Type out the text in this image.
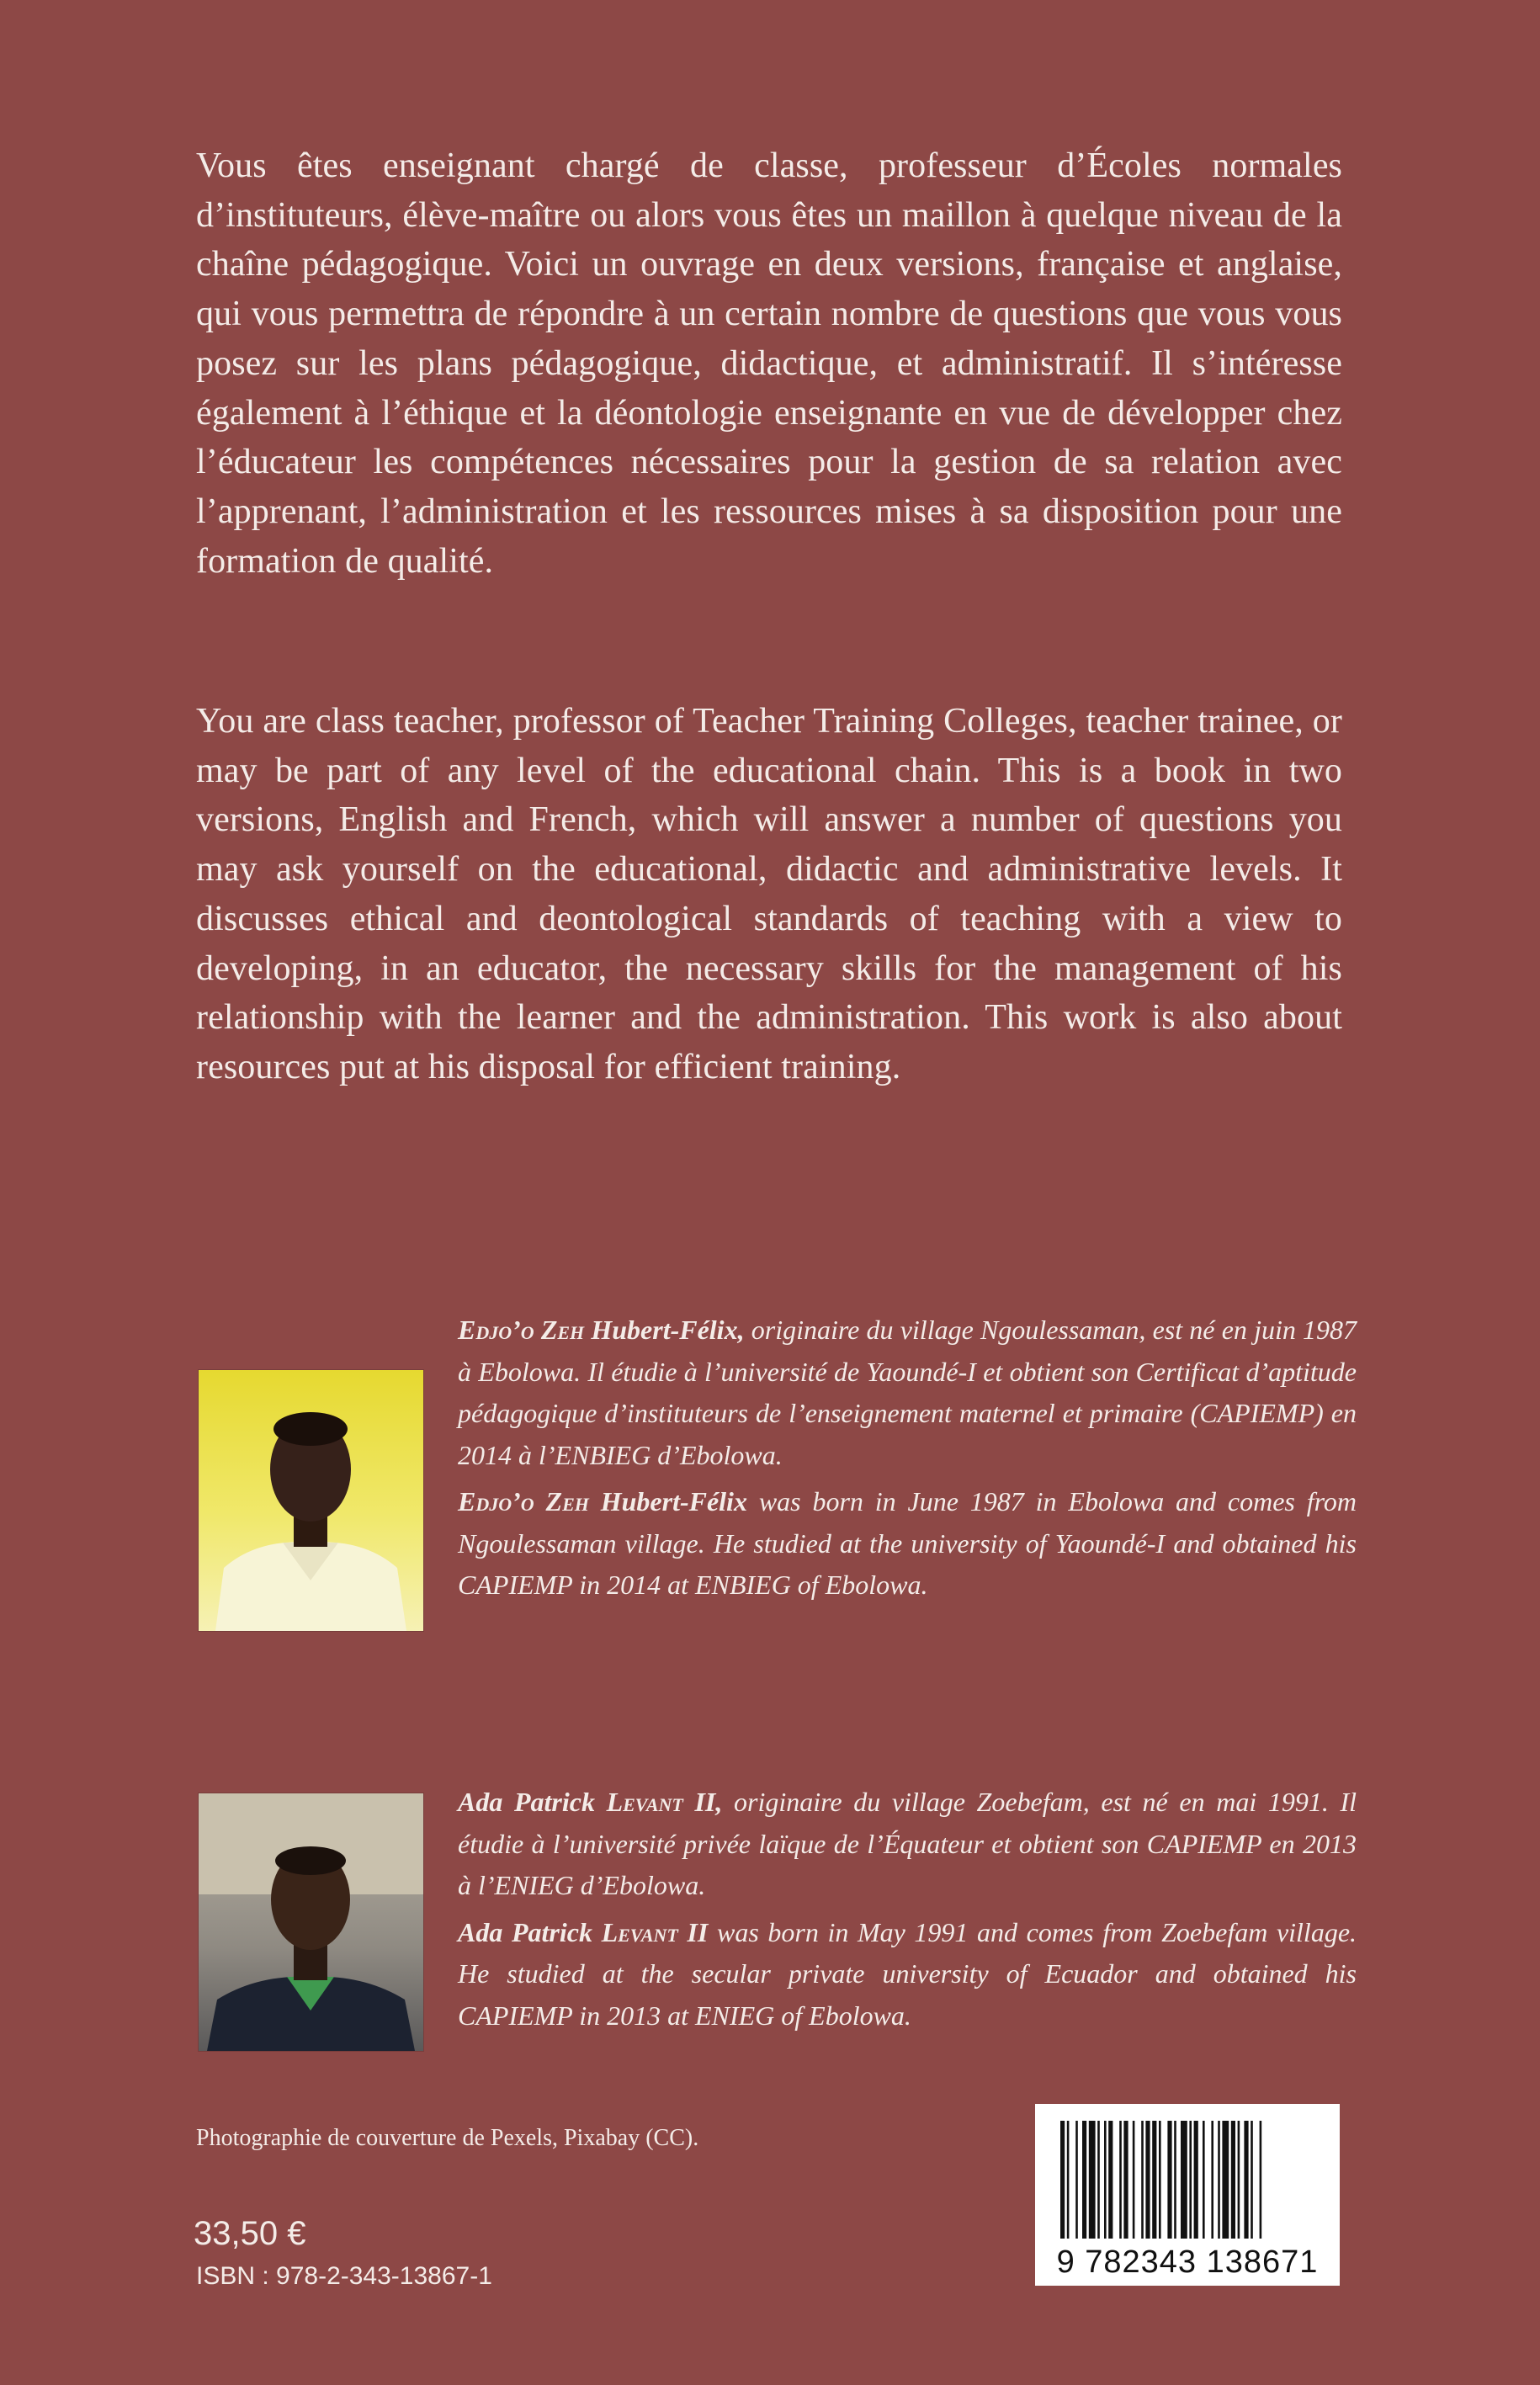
Vous êtes enseignant chargé de classe, professeur d’Écoles normales d’instituteurs, élève-maître ou alors vous êtes un maillon à quelque niveau de la chaîne pédagogique. Voici un ouvrage en deux versions, française et anglaise, qui vous permettra de répondre à un certain nombre de questions que vous vous posez sur les plans pédagogique, didactique, et administratif. Il s’intéresse également à l’éthique et la déontologie enseignante en vue de développer chez l’éducateur les compétences nécessaires pour la gestion de sa relation avec l’apprenant, l’administration et les ressources mises à sa disposition pour une formation de qualité.
You are class teacher, professor of Teacher Training Colleges, teacher trainee, or may be part of any level of the educational chain. This is a book in two versions, English and French, which will answer a number of questions you may ask yourself on the educational, didactic and administrative levels. It discusses ethical and deontological standards of teaching with a view to developing, in an educator, the necessary skills for the management of his relationship with the learner and the administration. This work is also about resources put at his disposal for efficient training.

Edjo’o Zeh Hubert-Félix, originaire du village Ngoulessaman, est né en juin 1987 à Ebolowa. Il étudie à l’université de Yaoundé-I et obtient son Certificat d’aptitude pédagogique d’instituteurs de l’enseignement maternel et primaire (CAPIEMP) en 2014 à l’ENBIEG d’Ebolowa.

Edjo’o Zeh Hubert-Félix was born in June 1987 in Ebolowa and comes from Ngoulessaman village. He studied at the university of Yaoundé-I and obtained his CAPIEMP in 2014 at ENBIEG of Ebolowa.

Ada Patrick Levant II, originaire du village Zoebefam, est né en mai 1991. Il étudie à l’université privée laïque de l’Équateur et obtient son CAPIEMP en 2013 à l’ENIEG d’Ebolowa.

Ada Patrick Levant II was born in May 1991 and comes from Zoebefam village. He studied at the secular private university of Ecuador and obtained his CAPIEMP in 2013 at ENIEG of Ebolowa.

Photographie de couverture de Pexels, Pixabay (CC).
33,50 €
ISBN : 978-2-343-13867-1	9 782343 138671
